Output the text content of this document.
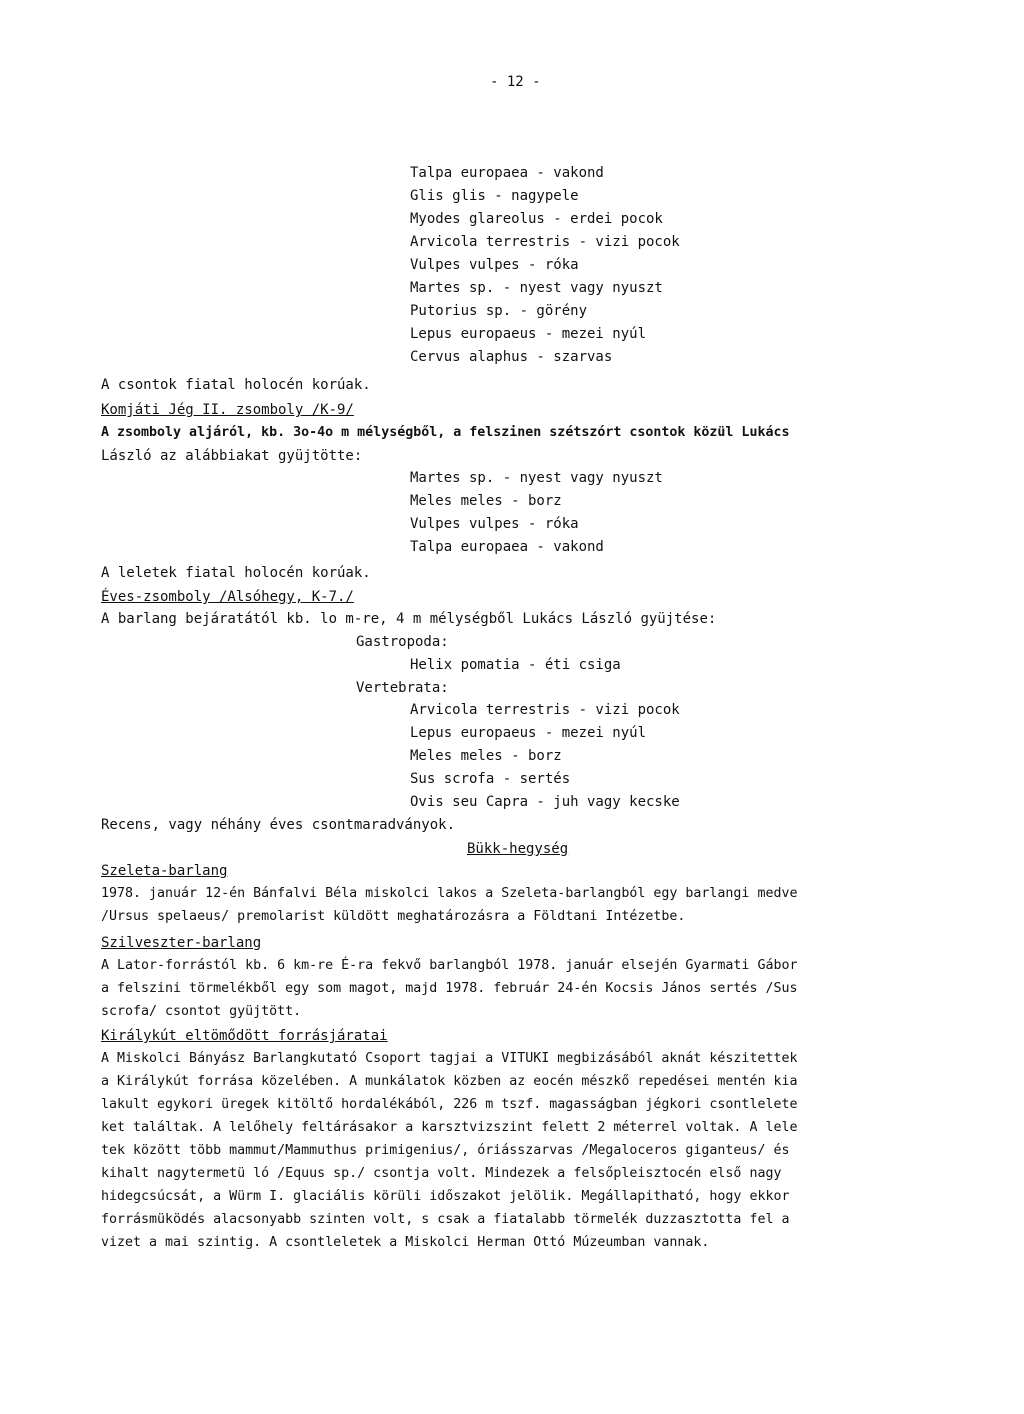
- 12 -
Talpa europaea - vakond
Glis glis - nagypele
Myodes glareolus - erdei pocok
Arvicola terrestris - vizi pocok
Vulpes vulpes - róka
Martes sp. - nyest vagy nyuszt
Putorius sp. - görény
Lepus europaeus - mezei nyúl
Cervus alaphus - szarvas
A csontok fiatal holocén korúak.
Komjáti Jég II. zsomboly /K-9/
A zsomboly aljáról, kb. 3o-4o m mélységből, a felszinen szétszórt csontok közül Lukács
László az alábbiakat gyüjtötte:
Martes sp. - nyest vagy nyuszt
Meles meles - borz
Vulpes vulpes - róka
Talpa europaea - vakond
A leletek fiatal holocén korúak.
Éves-zsomboly /Alsóhegy, K-7./
A barlang bejáratától kb. lo m-re, 4 m mélységből Lukács László gyüjtése:
Gastropoda:
Helix pomatia - éti csiga
Vertebrata:
Arvicola terrestris - vizi pocok
Lepus europaeus - mezei nyúl
Meles meles - borz
Sus scrofa - sertés
Ovis seu Capra - juh vagy kecske
Recens, vagy néhány éves csontmaradványok.
Bükk-hegység
Szeleta-barlang
1978. január 12-én Bánfalvi Béla miskolci lakos a Szeleta-barlangból egy barlangi medve
/Ursus spelaeus/ premolarist küldött meghatározásra a Földtani Intézetbe.
Szilveszter-barlang
A Lator-forrástól kb. 6 km-re É-ra fekvő barlangból 1978. január elsején Gyarmati Gábor
a felszini törmelékből egy som magot, majd 1978. február 24-én Kocsis János sertés /Sus
scrofa/ csontot gyüjtött.
Királykút eltömődött forrásjáratai
A Miskolci Bányász Barlangkutató Csoport tagjai a VITUKI megbizásából aknát készitettek
a Királykút forrása közelében. A munkálatok közben az eocén mészkő repedései mentén kia
lakult egykori üregek kitöltő hordalékából, 226 m tszf. magasságban jégkori csontlelete
ket találtak. A lelőhely feltárásakor a karsztvizszint felett 2 méterrel voltak. A lele
tek között több mammut/Mammuthus primigenius/, óriásszarvas /Megaloceros giganteus/ és
kihalt nagytermetü ló /Equus sp./ csontja volt. Mindezek a felsőpleisztocén első nagy
hidegcsúcsát, a Würm I. glaciális körüli időszakot jelölik. Megállapitható, hogy ekkor
forrásmüködés alacsonyabb szinten volt, s csak a fiatalabb törmelék duzzasztotta fel a
vizet a mai szintig. A csontleletek a Miskolci Herman Ottó Múzeumban vannak.
